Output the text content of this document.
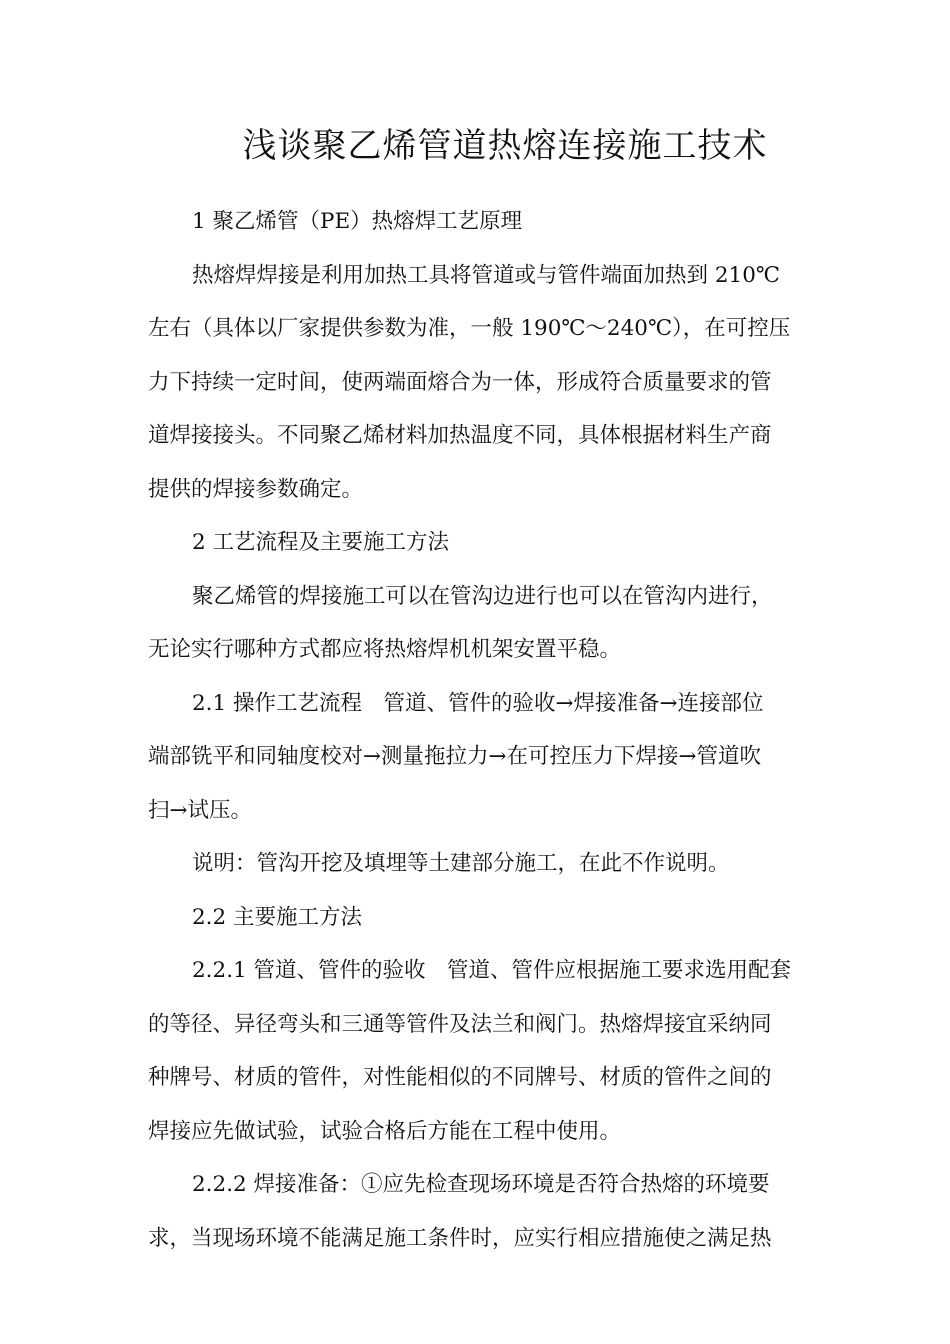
浅谈聚乙烯管道热熔连接施工技术
1 聚乙烯管（PE）热熔焊工艺原理
热熔焊焊接是利用加热工具将管道或与管件端面加热到 210℃
左右（具体以厂家提供参数为准，一般 190℃～240℃），在可控压
力下持续一定时间，使两端面熔合为一体，形成符合质量要求的管
道焊接接头。不同聚乙烯材料加热温度不同，具体根据材料生产商
提供的焊接参数确定。
2 工艺流程及主要施工方法
聚乙烯管的焊接施工可以在管沟边进行也可以在管沟内进行，
无论实行哪种方式都应将热熔焊机机架安置平稳。
2.1 操作工艺流程　管道、管件的验收→焊接准备→连接部位
端部铣平和同轴度校对→测量拖拉力→在可控压力下焊接→管道吹
扫→试压。
说明：管沟开挖及填埋等土建部分施工，在此不作说明。
2.2 主要施工方法
2.2.1 管道、管件的验收　管道、管件应根据施工要求选用配套
的等径、异径弯头和三通等管件及法兰和阀门。热熔焊接宜采纳同
种牌号、材质的管件，对性能相似的不同牌号、材质的管件之间的
焊接应先做试验，试验合格后方能在工程中使用。
2.2.2 焊接准备：①应先检查现场环境是否符合热熔的环境要
求，当现场环境不能满足施工条件时，应实行相应措施使之满足热
